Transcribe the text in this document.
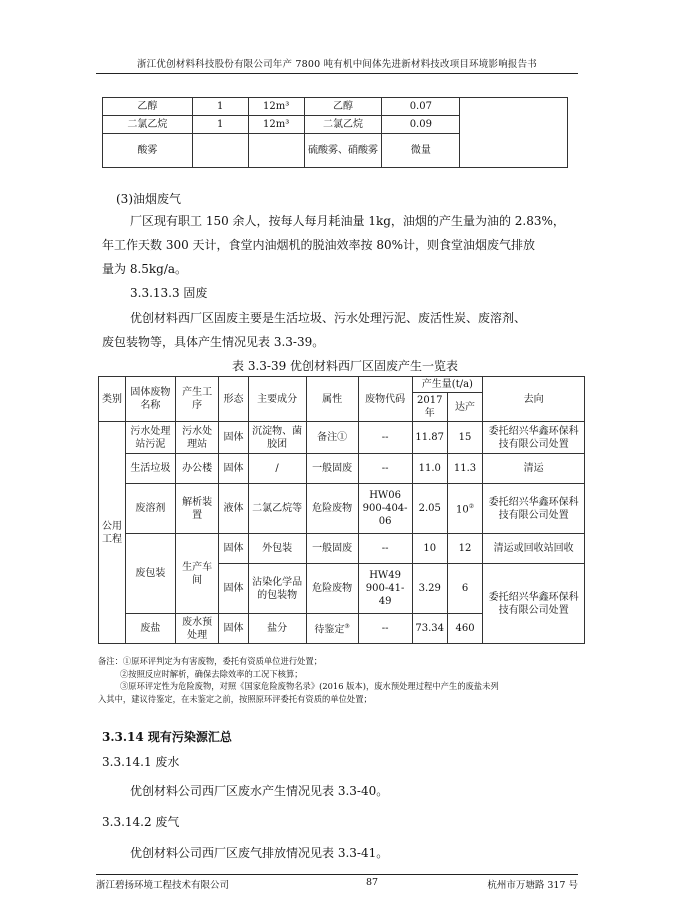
浙江优创材料科技股份有限公司年产 7800 吨有机中间体先进新材料技改项目环境影响报告书
乙醇	1	12m³	乙醇	0.07	
二氯乙烷	1	12m³	二氯乙烷	0.09	
酸雾			硫酸雾、硝酸雾	微量	
(3)油烟废气
厂区现有职工 150 余人，按每人每月耗油量 1kg，油烟的产生量为油的 2.83%，
年工作天数 300 天计，食堂内油烟机的脱油效率按 80%计，则食堂油烟废气排放
量为 8.5kg/a。
3.3.13.3 固废
优创材料西厂区固废主要是生活垃圾、污水处理污泥、废活性炭、废溶剂、
废包装物等，具体产生情况见表 3.3-39。
表 3.3-39 优创材料西厂区固废产生一览表
类别	固体废物名称	产生工序	形态	主要成分	属性	废物代码	产生量(t/a)		去向
							2017年	达产	
公用工程	污水处理站污泥	污水处理站	固体	沉淀物、菌胶团	备注①	--	11.87	15	委托绍兴华鑫环保科技有限公司处置
	生活垃圾	办公楼	固体	/	一般固废	--	11.0	11.3	清运
	废溶剂	解析装置	液体	二氯乙烷等	危险废物	HW06 900-404-06	2.05	10②	委托绍兴华鑫环保科技有限公司处置
	废包装	生产车间	固体	外包装	一般固废	--	10	12	清运或回收站回收
			固体	沾染化学品的包装物	危险废物	HW49 900-41-49	3.29	6	委托绍兴华鑫环保科技有限公司处置
	废盐	废水预处理	固体	盐分	待鉴定③	--	73.34	460	
备注：①原环评判定为有害废物，委托有资质单位进行处置；
②按照反应时解析，确保去除效率的工况下核算；
③原环评定性为危险废物，对照《国家危险废物名录》(2016 版本)，废水预处理过程中产生的废盐未列
入其中，建议待鉴定，在未鉴定之前，按照原环评委托有资质的单位处置；
3.3.14 现有污染源汇总
3.3.14.1 废水
优创材料公司西厂区废水产生情况见表 3.3-40。
3.3.14.2 废气
优创材料公司西厂区废气排放情况见表 3.3-41。
浙江碧扬环境工程技术有限公司	87	杭州市万塘路 317 号
